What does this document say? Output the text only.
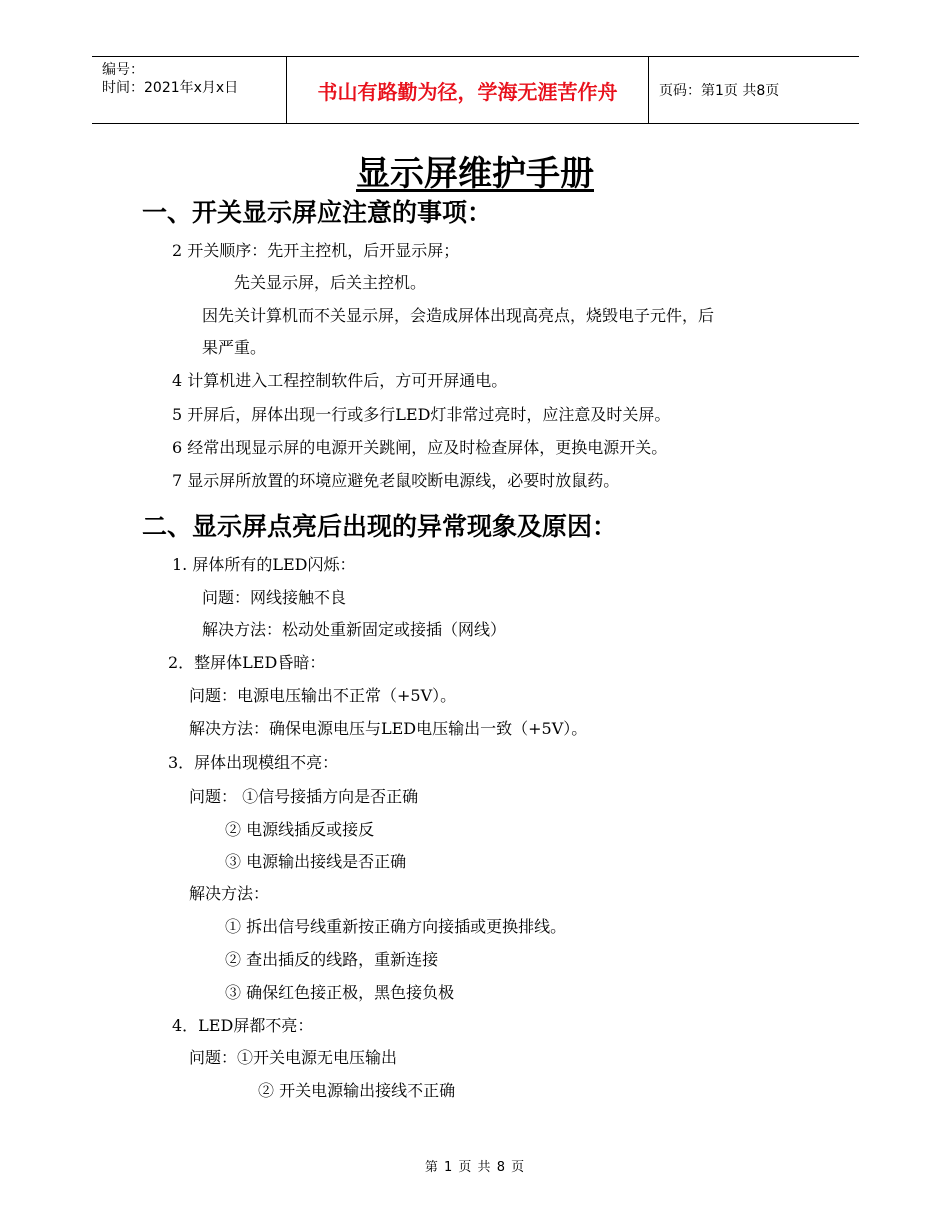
编号：
时间：2021年x月x日	书山有路勤为径，学海无涯苦作舟	页码：第1页 共8页
显示屏维护手册
一、开关显示屏应注意的事项：
2 开关顺序：先开主控机，后开显示屏；
先关显示屏，后关主控机。
因先关计算机而不关显示屏，会造成屏体出现高亮点，烧毁电子元件，后
果严重。
4 计算机进入工程控制软件后，方可开屏通电。
5 开屏后，屏体出现一行或多行LED灯非常过亮时，应注意及时关屏。
6 经常出现显示屏的电源开关跳闸，应及时检查屏体，更换电源开关。
7 显示屏所放置的环境应避免老鼠咬断电源线，必要时放鼠药。
二、显示屏点亮后出现的异常现象及原因：
1. 屏体所有的LED闪烁：
问题：网线接触不良
解决方法：松动处重新固定或接插（网线）
2．整屏体LED昏暗：
问题：电源电压输出不正常（+5V）。
解决方法：确保电源电压与LED电压输出一致（+5V）。
3．屏体出现模组不亮：
问题： ①信号接插方向是否正确
② 电源线插反或接反
③ 电源输出接线是否正确
解决方法：
① 拆出信号线重新按正确方向接插或更换排线。
② 查出插反的线路，重新连接
③ 确保红色接正极，黑色接负极
4．LED屏都不亮：
问题：①开关电源无电压输出
② 开关电源输出接线不正确
第 1 页 共 8 页
